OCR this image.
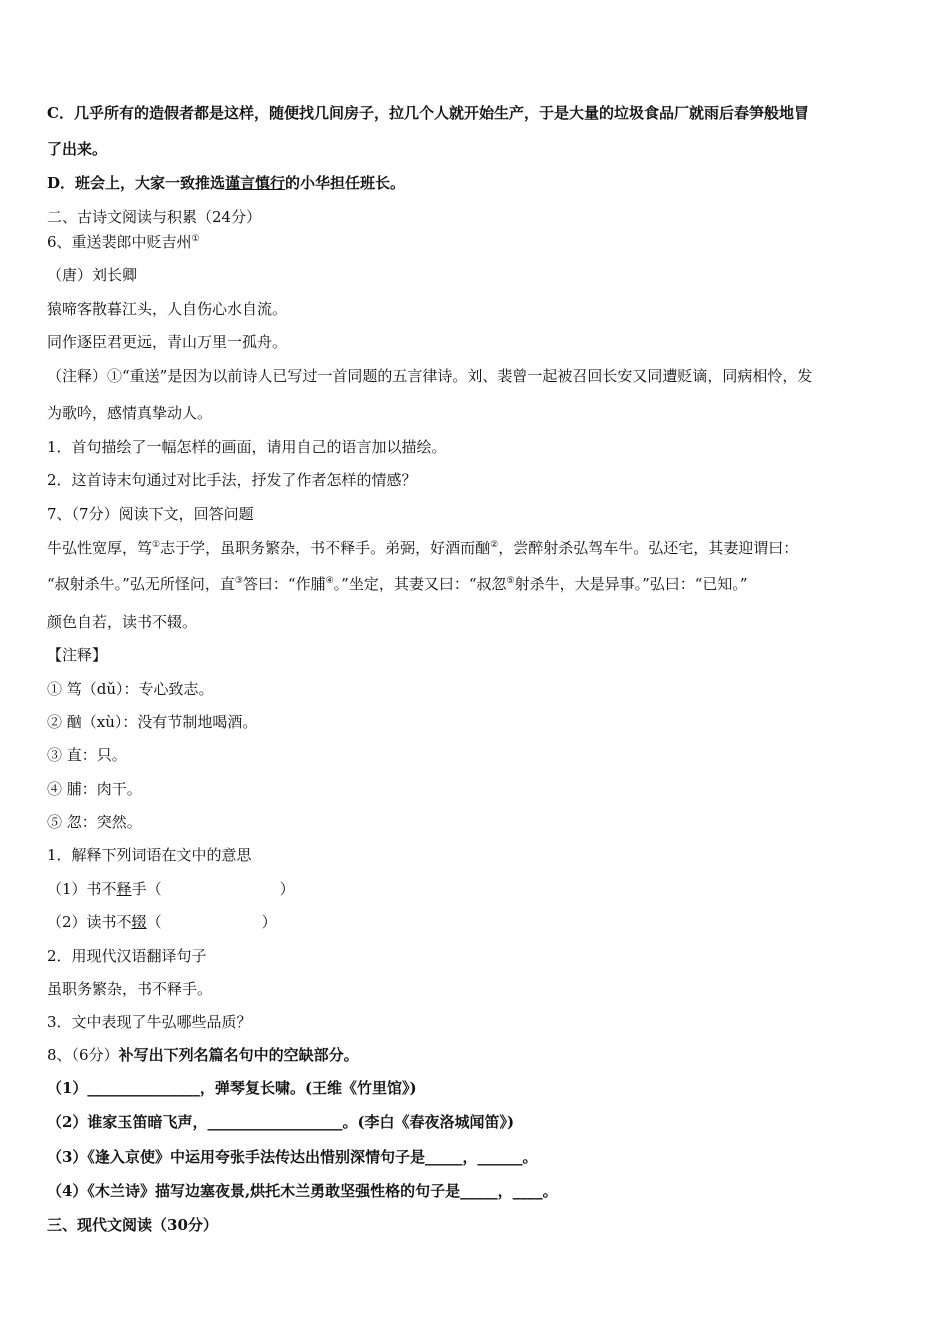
C．几乎所有的造假者都是这样，随便找几间房子，拉几个人就开始生产，于是大量的垃圾食品厂就雨后春笋般地冒
了出来。
D．班会上，大家一致推选谨言慎行的小华担任班长。
二、古诗文阅读与积累（24分）
6、重送裴郎中贬吉州①
（唐）刘长卿
猿啼客散暮江头，人自伤心水自流。
同作逐臣君更远，青山万里一孤舟。
（注释）①“重送”是因为以前诗人已写过一首同题的五言律诗。刘、裴曾一起被召回长安又同遭贬谪，同病相怜，发
为歌吟，感情真挚动人。
1．首句描绘了一幅怎样的画面，请用自己的语言加以描绘。
2．这首诗末句通过对比手法，抒发了作者怎样的情感？
7、（7分）阅读下文，回答问题
牛弘性宽厚，笃①志于学，虽职务繁杂，书不释手。弟弼，好酒而酗②，尝醉射杀弘驾车牛。弘还宅，其妻迎谓曰：
“叔射杀牛。”弘无所怪问，直③答曰：“作脯④。”坐定，其妻又曰：“叔忽⑤射杀牛，大是异事。”弘曰：“已知。”
颜色自若，读书不辍。
【注释】
① 笃（dǔ）：专心致志。
② 酗（xù）：没有节制地喝酒。
③ 直：只。
④ 脯：肉干。
⑤ 忽：突然。
1．解释下列词语在文中的意思
（1）书不释手（	）
（2）读书不辍（	）
2．用现代汉语翻译句子
虽职务繁杂，书不释手。
3．文中表现了牛弘哪些品质？
8、（6分）补写出下列名篇名句中的空缺部分。
（1）_______________，弹琴复长啸。(王维《竹里馆》)
（2）谁家玉笛暗飞声，__________________。(李白《春夜洛城闻笛》)
（3）《逢入京使》中运用夸张手法传达出惜别深情句子是_____，______。
（4）《木兰诗》描写边塞夜景,烘托木兰勇敢坚强性格的句子是_____，____。
三、现代文阅读（30分）
